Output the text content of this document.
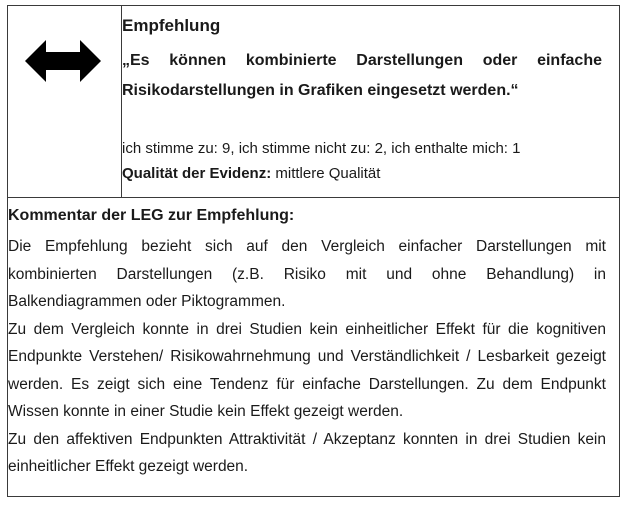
Empfehlung

„Es können kombinierte Darstellungen oder einfache Risikodarstellungen in Grafiken eingesetzt werden.“

ich stimme zu: 9, ich stimme nicht zu: 2, ich enthalte mich: 1
Qualität der Evidenz: mittlere Qualität
Kommentar der LEG zur Empfehlung:

Die Empfehlung bezieht sich auf den Vergleich einfacher Darstellungen mit kombinierten Darstellungen (z.B. Risiko mit und ohne Behandlung) in Balkendiagrammen oder Piktogrammen.

Zu dem Vergleich konnte in drei Studien kein einheitlicher Effekt für die kognitiven Endpunkte Verstehen/ Risikowahrnehmung und Verständlichkeit / Lesbarkeit gezeigt werden. Es zeigt sich eine Tendenz für einfache Darstellungen. Zu dem Endpunkt Wissen konnte in einer Studie kein Effekt gezeigt werden.

Zu den affektiven Endpunkten Attraktivität / Akzeptanz konnten in drei Studien kein einheitlicher Effekt gezeigt werden.
